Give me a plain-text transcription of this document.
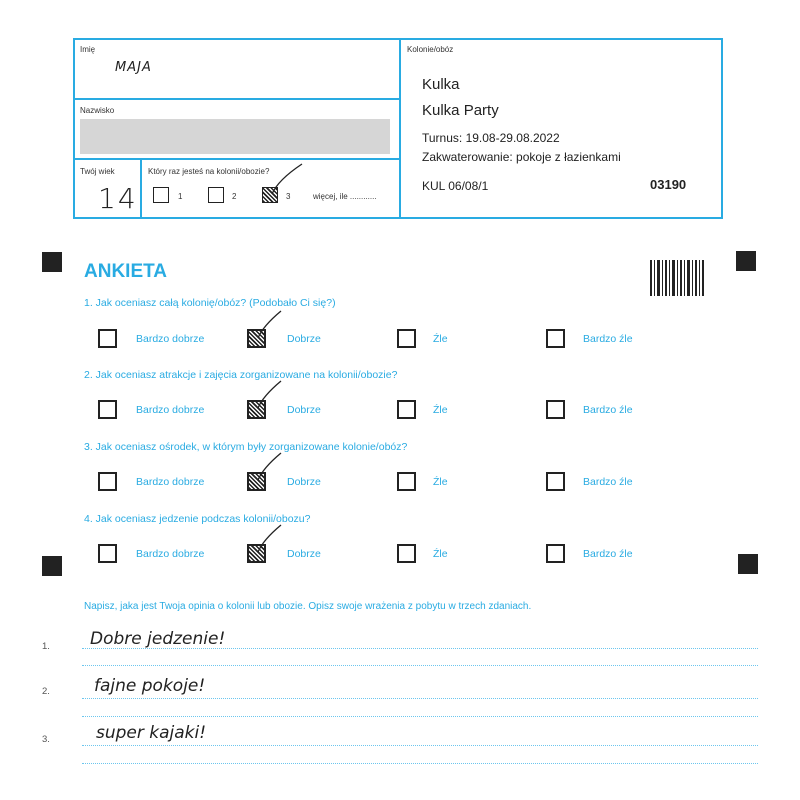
Imię
MAJA
Nazwisko
Twój wiek
14
Który raz jesteś na kolonii/obozie?
1	2	3	więcej, ile ............
Kolonie/obóz
Kulka
Kulka Party
Turnus: 19.08-29.08.2022
Zakwaterowanie: pokoje z łazienkami
KUL 06/08/1	03190
ANKIETA
1. Jak oceniasz całą kolonię/obóz? (Podobało Ci się?)
Bardzo dobrze	Dobrze	Źle	Bardzo źle
2. Jak oceniasz atrakcje i zajęcia zorganizowane na kolonii/obozie?
Bardzo dobrze	Dobrze	Źle	Bardzo źle
3. Jak oceniasz ośrodek, w którym były zorganizowane kolonie/obóz?
Bardzo dobrze	Dobrze	Źle	Bardzo źle
4. Jak oceniasz jedzenie podczas kolonii/obozu?
Bardzo dobrze	Dobrze	Źle	Bardzo źle
Napisz, jaka jest Twoja opinia o kolonii lub obozie. Opisz swoje wrażenia z pobytu w trzech zdaniach.
1. Dobre jedzenie!
2.	fajne pokoje!
3.	super kajaki!
